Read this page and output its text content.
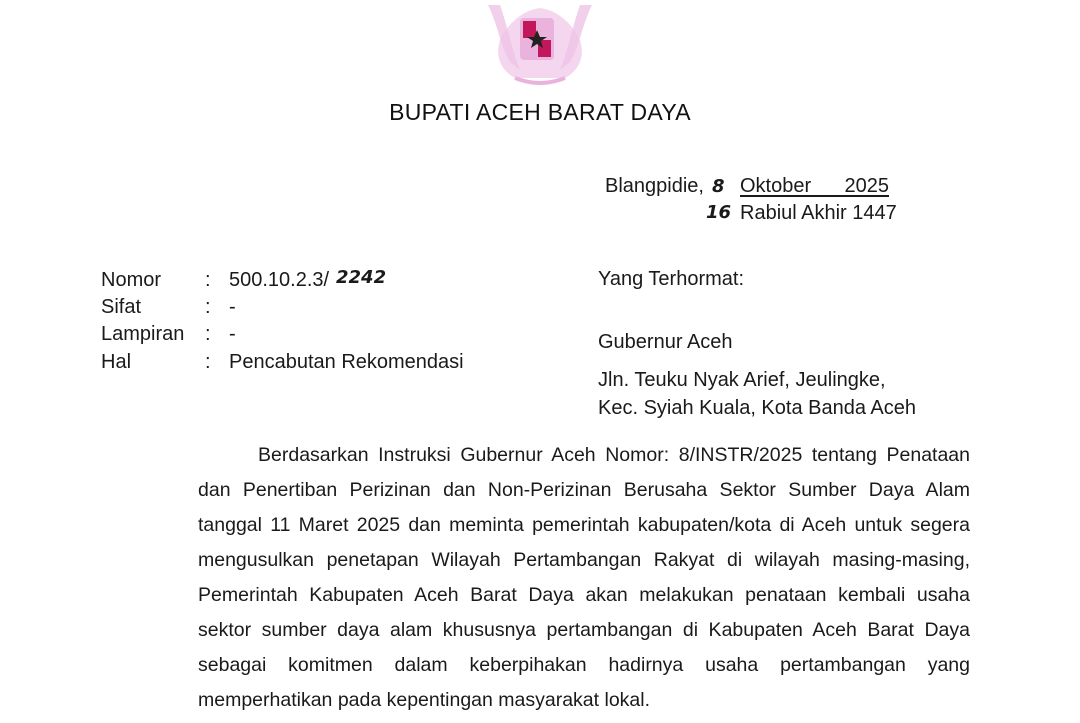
BUPATI ACEH BARAT DAYA
Blangpidie, 8 Oktober      2025
16 Rabiul Akhir 1447
Nomor : 500.10.2.3/ 2242
Sifat	: -
Lampiran : -
Hal	: Pencabutan Rekomendasi
Yang Terhormat:
Gubernur Aceh
Jln. Teuku Nyak Arief, Jeulingke,
Kec. Syiah Kuala, Kota Banda Aceh

Berdasarkan Instruksi Gubernur Aceh Nomor: 8/INSTR/2025 tentang Penataan dan Penertiban Perizinan dan Non-Perizinan Berusaha Sektor Sumber Daya Alam tanggal 11 Maret 2025 dan meminta pemerintah kabupaten/kota di Aceh untuk segera mengusulkan penetapan Wilayah Pertambangan Rakyat di wilayah masing-masing, Pemerintah Kabupaten Aceh Barat Daya akan melakukan penataan kembali usaha sektor sumber daya alam khususnya pertambangan di Kabupaten Aceh Barat Daya sebagai komitmen dalam keberpihakan hadirnya usaha pertambangan yang memperhatikan pada kepentingan masyarakat lokal.
